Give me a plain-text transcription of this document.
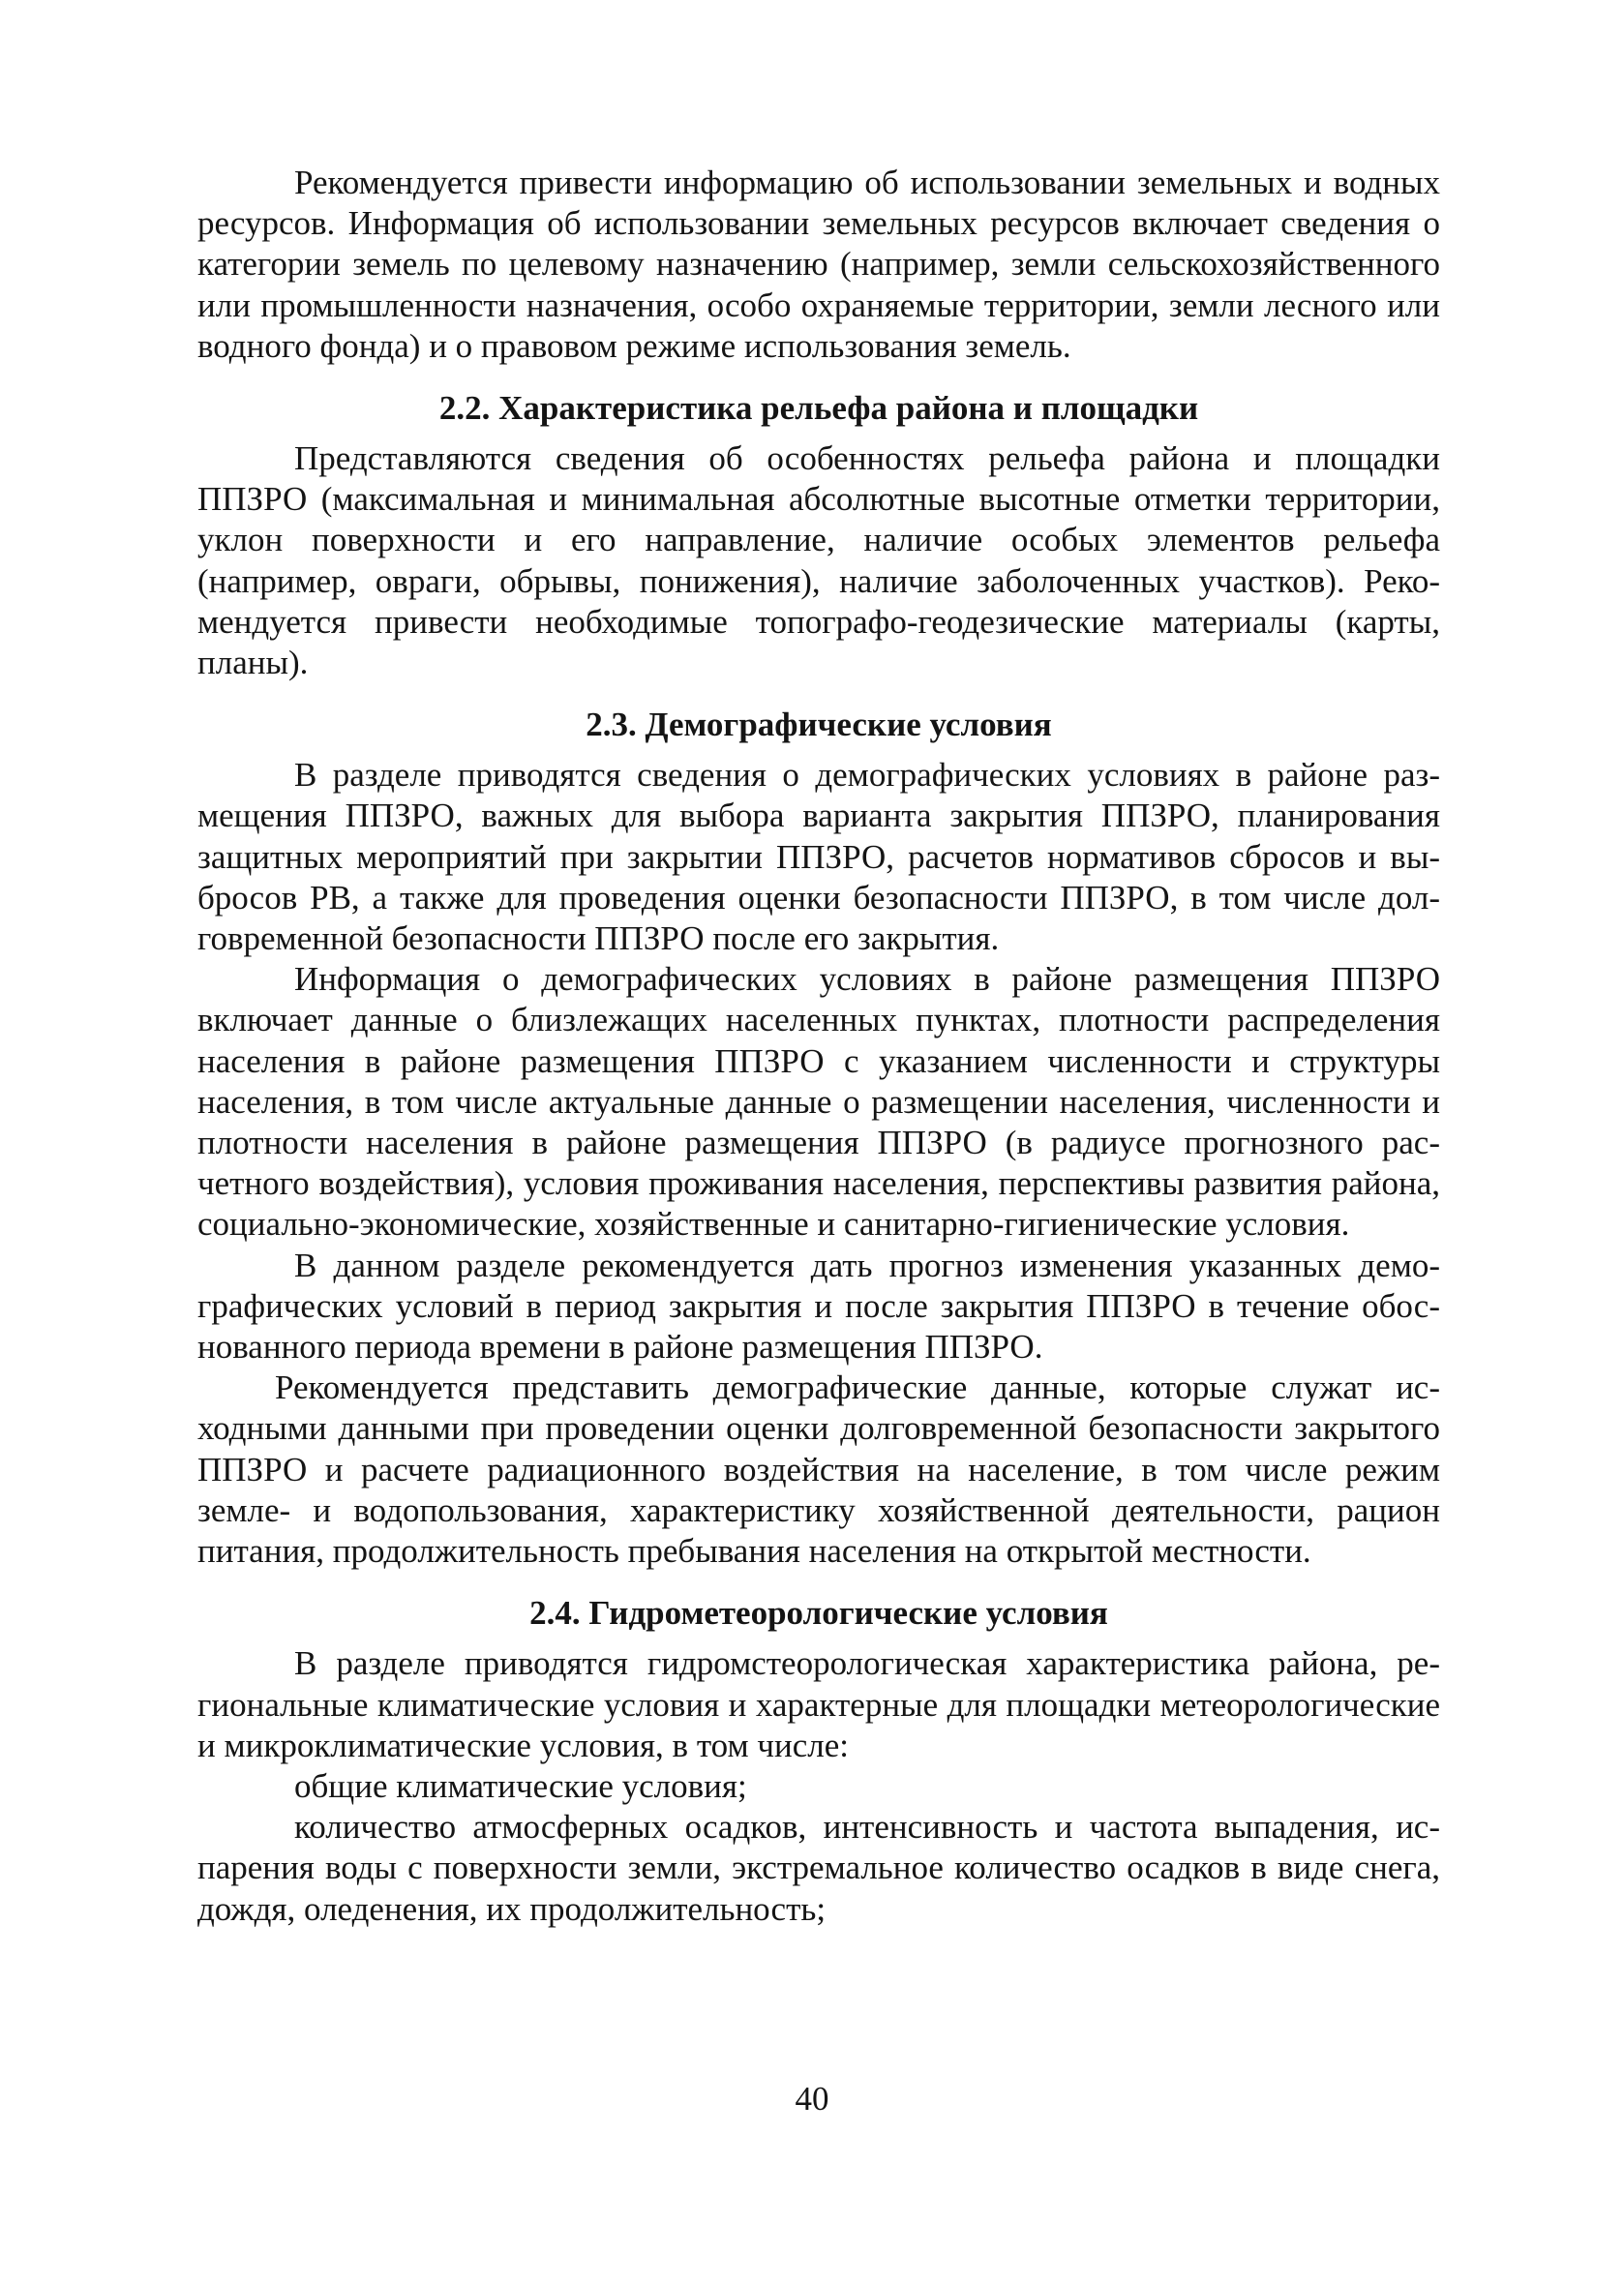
Рекомендуется привести информацию об использовании земельных и водных ресурсов. Информация об использовании земельных ресурсов включает сведения о категории земель по целевому назначению (например, земли сельскохозяйственного или промышленности назначения, особо охраняемые территории, земли лесного или водного фонда) и о правовом режиме использования земель.

2.2. Характеристика рельефа района и площадки

Представляются сведения об особенностях рельефа района и площадки ППЗРО (максимальная и минимальная абсолютные высотные отметки территории, уклон поверхности и его направление, наличие особых элементов рельефа (например, овраги, обрывы, понижения), наличие заболоченных участков). Рекомендуется привести необходимые топографо-геодезические материалы (карты, планы).

2.3. Демографические условия

В разделе приводятся сведения о демографических условиях в районе размещения ППЗРО, важных для выбора варианта закрытия ППЗРО, планирования защитных мероприятий при закрытии ППЗРО, расчетов нормативов сбросов и выбросов РВ, а также для проведения оценки безопасности ППЗРО, в том числе долговременной безопасности ППЗРО после его закрытия.

Информация о демографических условиях в районе размещения ППЗРО включает данные о близлежащих населенных пунктах, плотности распределения населения в районе размещения ППЗРО с указанием численности и структуры населения, в том числе актуальные данные о размещении населения, численности и плотности населения в районе размещения ППЗРО (в радиусе прогнозного расчетного воздействия), условия проживания населения, перспективы развития района, социально-экономические, хозяйственные и санитарно-гигиенические условия.

В данном разделе рекомендуется дать прогноз изменения указанных демографических условий в период закрытия и после закрытия ППЗРО в течение обоснованного периода времени в районе размещения ППЗРО.

Рекомендуется представить демографические данные, которые служат исходными данными при проведении оценки долговременной безопасности закрытого ППЗРО и расчете радиационного воздействия на население, в том числе режим земле- и водопользования, характеристику хозяйственной деятельности, рацион питания, продолжительность пребывания населения на открытой местности.

2.4. Гидрометеорологические условия

В разделе приводятся гидромстеорологическая характеристика района, региональные климатические условия и характерные для площадки метеорологические и микроклиматические условия, в том числе:

общие климатические условия;

количество атмосферных осадков, интенсивность и частота выпадения, испарения воды с поверхности земли, экстремальное количество осадков в виде снега, дождя, оледенения, их продолжительность;

40
